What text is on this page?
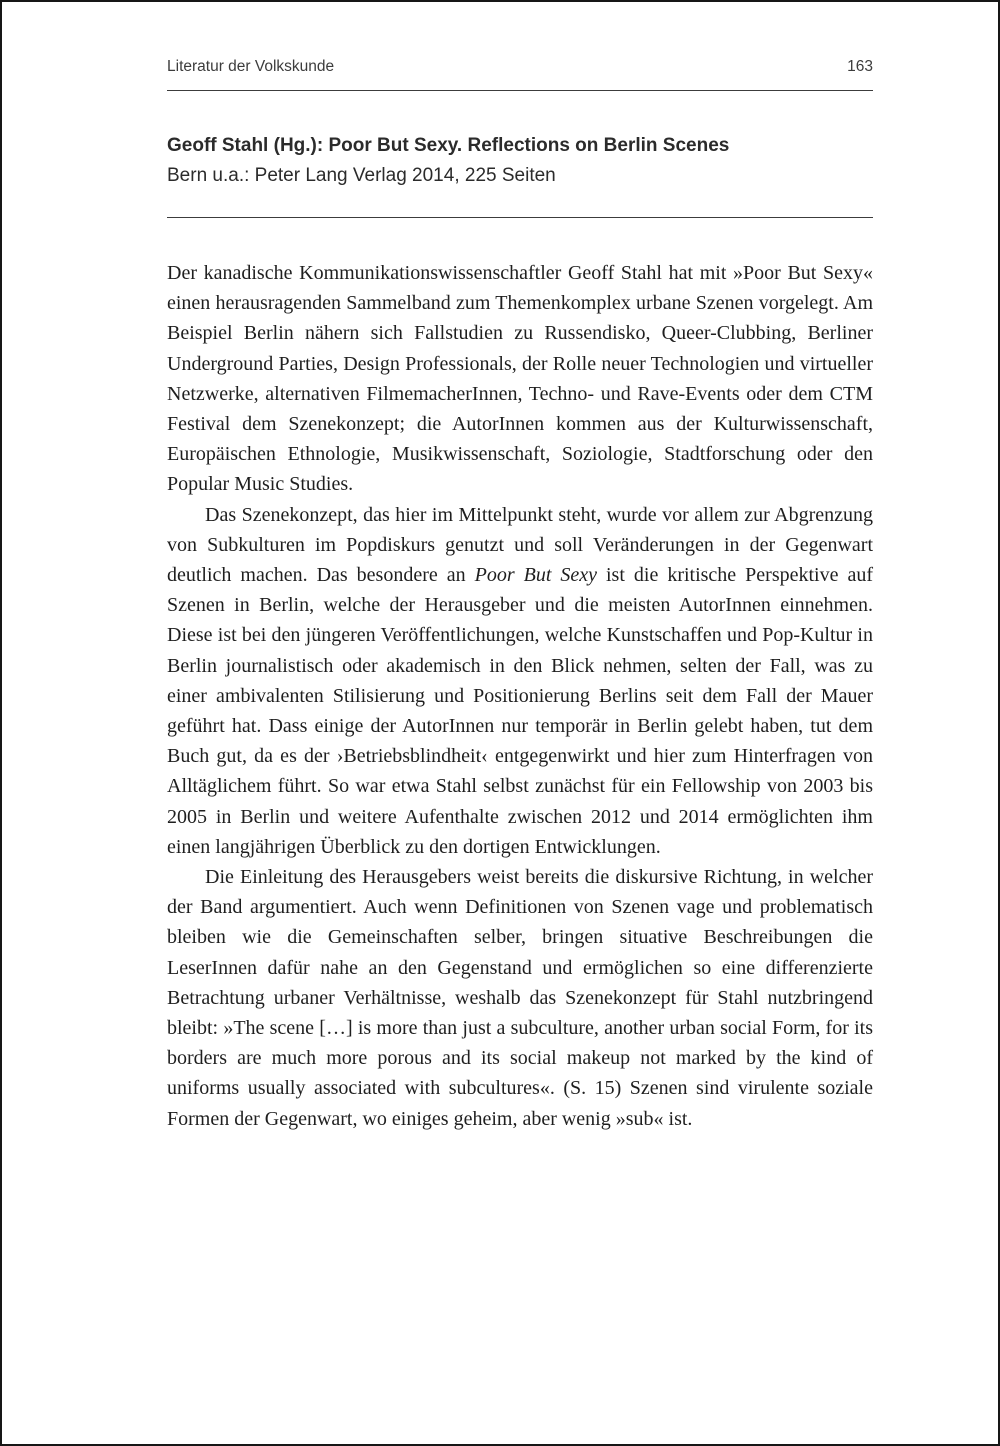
Literatur der Volkskunde	163
Geoff Stahl (Hg.): Poor But Sexy. Reflections on Berlin Scenes
Bern u.a.: Peter Lang Verlag 2014, 225 Seiten

Der kanadische Kommunikationswissenschaftler Geoff Stahl hat mit »Poor But Sexy« einen herausragenden Sammelband zum Themenkomplex urbane Szenen vorgelegt. Am Beispiel Berlin nähern sich Fallstudien zu Russendisko, Queer-Clubbing, Berliner Underground Parties, Design Professionals, der Rolle neuer Technologien und virtueller Netzwerke, alternativen FilmemacherInnen, Techno- und Rave-Events oder dem CTM Festival dem Szenekonzept; die AutorInnen kommen aus der Kulturwissenschaft, Europäischen Ethnologie, Musikwissenschaft, Soziologie, Stadtforschung oder den Popular Music Studies.

Das Szenekonzept, das hier im Mittelpunkt steht, wurde vor allem zur Abgrenzung von Subkulturen im Popdiskurs genutzt und soll Veränderungen in der Gegenwart deutlich machen. Das besondere an Poor But Sexy ist die kritische Perspektive auf Szenen in Berlin, welche der Herausgeber und die meisten AutorInnen einnehmen. Diese ist bei den jüngeren Veröffentlichungen, welche Kunstschaffen und Pop-Kultur in Berlin journalistisch oder akademisch in den Blick nehmen, selten der Fall, was zu einer ambivalenten Stilisierung und Positionierung Berlins seit dem Fall der Mauer geführt hat. Dass einige der AutorInnen nur temporär in Berlin gelebt haben, tut dem Buch gut, da es der ›Betriebsblindheit‹ entgegenwirkt und hier zum Hinterfragen von Alltäglichem führt. So war etwa Stahl selbst zunächst für ein Fellowship von 2003 bis 2005 in Berlin und weitere Aufenthalte zwischen 2012 und 2014 ermöglichten ihm einen langjährigen Überblick zu den dortigen Entwicklungen.

Die Einleitung des Herausgebers weist bereits die diskursive Richtung, in welcher der Band argumentiert. Auch wenn Definitionen von Szenen vage und problematisch bleiben wie die Gemeinschaften selber, bringen situative Beschreibungen die LeserInnen dafür nahe an den Gegenstand und ermöglichen so eine differenzierte Betrachtung urbaner Verhältnisse, weshalb das Szenekonzept für Stahl nutzbringend bleibt: »The scene […] is more than just a subculture, another urban social Form, for its borders are much more porous and its social makeup not marked by the kind of uniforms usually associated with subcultures«. (S. 15) Szenen sind virulente soziale Formen der Gegenwart, wo einiges geheim, aber wenig »sub« ist.
